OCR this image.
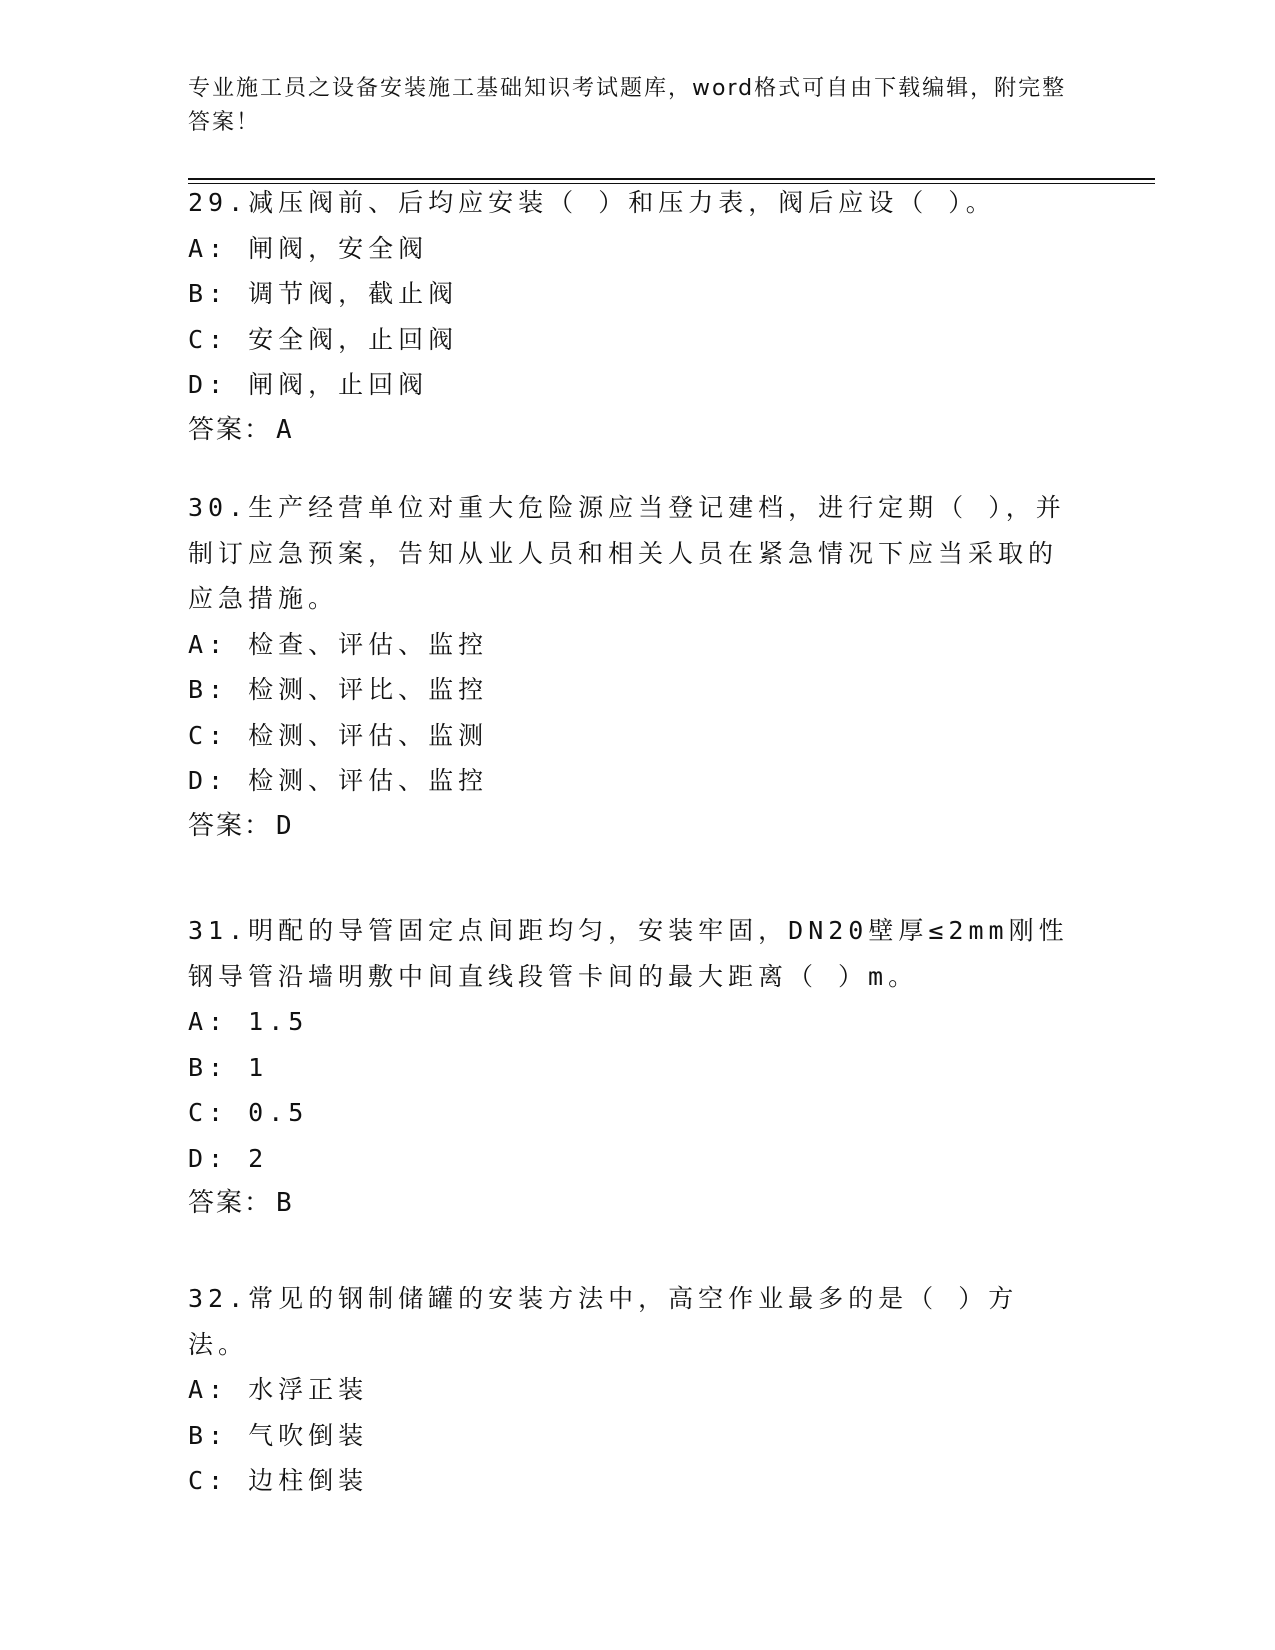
专业施工员之设备安装施工基础知识考试题库，word格式可自由下载编辑，附完整答案！
29.减压阀前、后均应安装（ ）和压力表，阀后应设（ ）。
A: 闸阀，安全阀
B: 调节阀，截止阀
C: 安全阀，止回阀
D: 闸阀，止回阀
答案： A
30.生产经营单位对重大危险源应当登记建档，进行定期（ ），并制订应急预案，告知从业人员和相关人员在紧急情况下应当采取的应急措施。
A: 检查、评估、监控
B: 检测、评比、监控
C: 检测、评估、监测
D: 检测、评估、监控
答案： D
31.明配的导管固定点间距均匀，安装牢固，DN20壁厚≤2mm刚性钢导管沿墙明敷中间直线段管卡间的最大距离（ ）m。
A: 1.5
B: 1
C: 0.5
D: 2
答案： B
32.常见的钢制储罐的安装方法中，高空作业最多的是（ ）方法。
A: 水浮正装
B: 气吹倒装
C: 边柱倒装
